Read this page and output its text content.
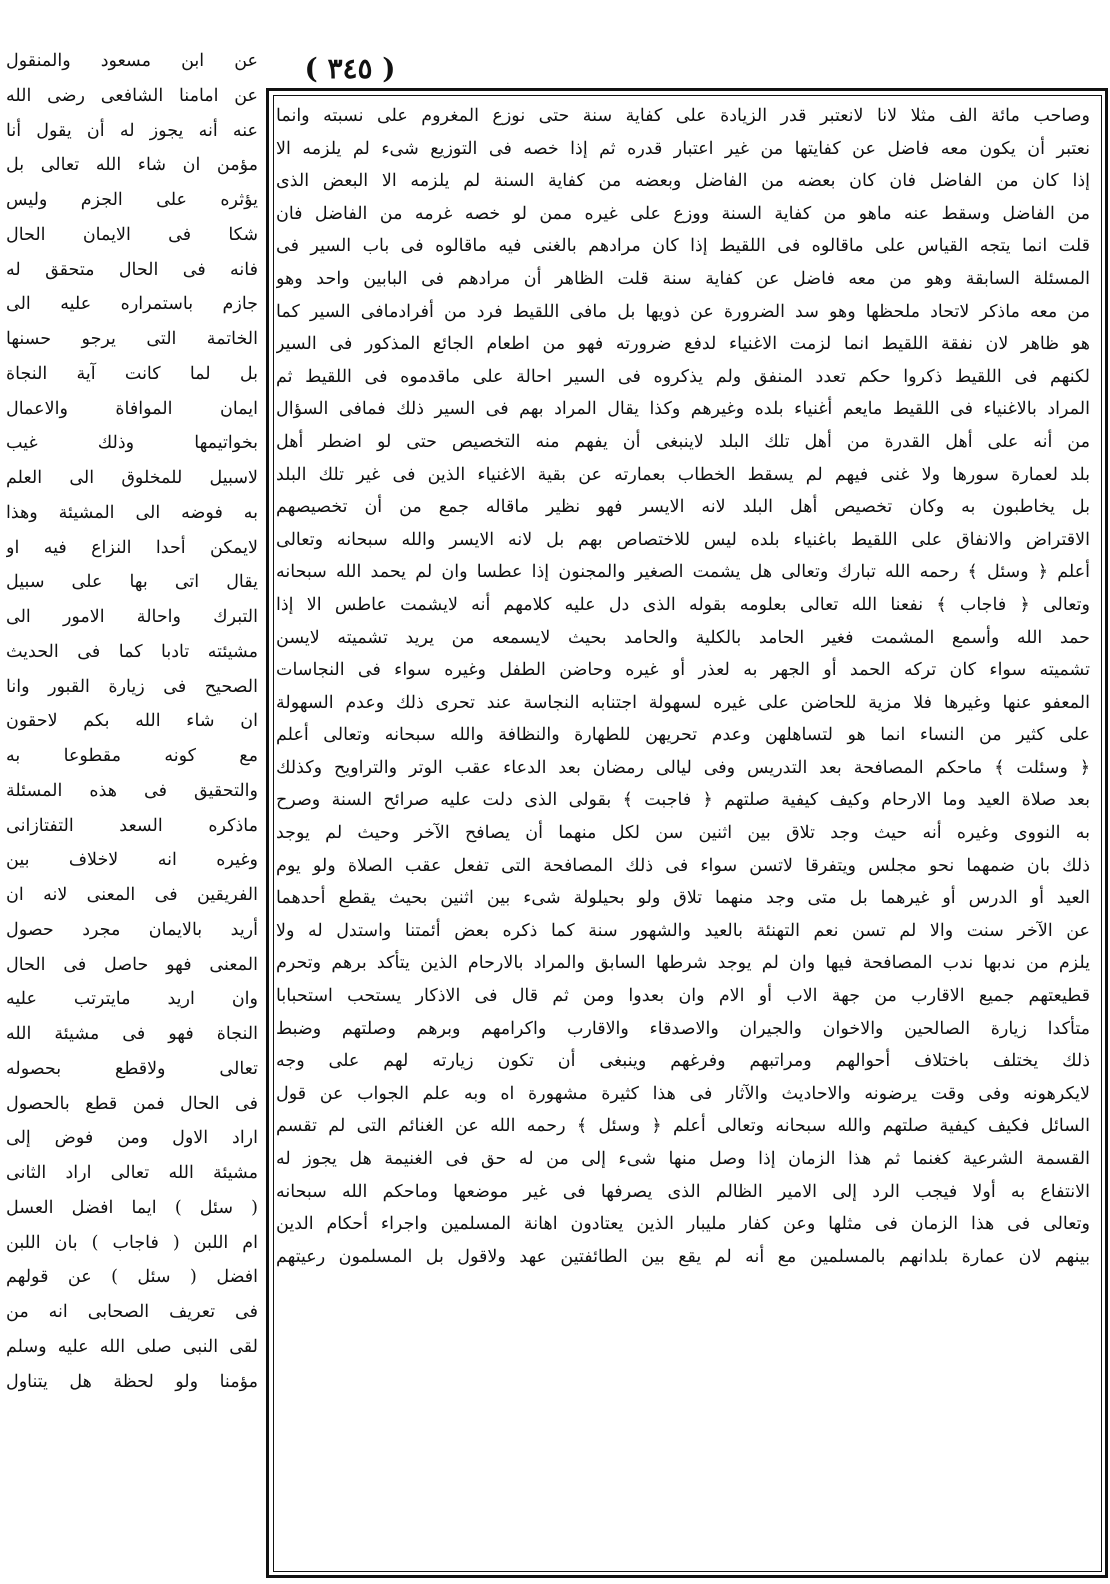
( ٣٤٥ )
وصاحب مائة الف مثلا لانا لانعتبر قدر الزيادة على كفاية سنة حتى نوزع المغروم على نسبته وانما
نعتبر أن يكون معه فاضل عن كفايتها من غير اعتبار قدره ثم إذا خصه فى التوزيع شىء لم يلزمه الا
إذا كان من الفاضل فان كان بعضه من الفاضل وبعضه من كفاية السنة لم يلزمه الا البعض الذى
من الفاضل وسقط عنه ماهو من كفاية السنة ووزع على غيره ممن لو خصه غرمه من الفاضل فان
قلت انما يتجه القياس على ماقالوه فى اللقيط إذا كان مرادهم بالغنى فيه ماقالوه فى باب السير فى
المسئلة السابقة وهو من معه فاضل عن كفاية سنة قلت الظاهر أن مرادهم فى البابين واحد وهو
من معه ماذكر لاتحاد ملحظها وهو سد الضرورة عن ذويها بل مافى اللقيط فرد من أفرادمافى السير كما
هو ظاهر لان نفقة اللقيط انما لزمت الاغنياء لدفع ضرورته فهو من اطعام الجائع المذكور فى السير
لكنهم فى اللقيط ذكروا حكم تعدد المنفق ولم يذكروه فى السير احالة على ماقدموه فى اللقيط ثم
المراد بالاغنياء فى اللقيط مايعم أغنياء بلده وغيرهم وكذا يقال المراد بهم فى السير ذلك فمافى السؤال
من أنه على أهل القدرة من أهل تلك البلد لاينبغى أن يفهم منه التخصيص حتى لو اضطر أهل
بلد لعمارة سورها ولا غنى فيهم لم يسقط الخطاب بعمارته عن بقية الاغنياء الذين فى غير تلك البلد
بل يخاطبون به وكان تخصيص أهل البلد لانه الايسر فهو نظير ماقاله جمع من أن تخصيصهم
الاقتراض والانفاق على اللقيط باغنياء بلده ليس للاختصاص بهم بل لانه الايسر والله سبحانه وتعالى
أعلم ﴿ وسئل ﴾ رحمه الله تبارك وتعالى هل يشمت الصغير والمجنون إذا عطسا وان لم يحمد الله سبحانه
وتعالى ﴿ فاجاب ﴾ نفعنا الله تعالى بعلومه بقوله الذى دل عليه كلامهم أنه لايشمت عاطس الا إذا
حمد الله وأسمع المشمت فغير الحامد بالكلية والحامد بحيث لايسمعه من يريد تشميته لايسن
تشميته سواء كان تركه الحمد أو الجهر به لعذر أو غيره وحاضن الطفل وغيره سواء فى النجاسات
المعفو عنها وغيرها فلا مزية للحاضن على غيره لسهولة اجتنابه النجاسة عند تحرى ذلك وعدم السهولة
على كثير من النساء انما هو لتساهلهن وعدم تحريهن للطهارة والنظافة والله سبحانه وتعالى أعلم
﴿ وسئلت ﴾ ماحكم المصافحة بعد التدريس وفى ليالى رمضان بعد الدعاء عقب الوتر والتراويح وكذلك
بعد صلاة العيد وما الارحام وكيف كيفية صلتهم ﴿ فاجبت ﴾ بقولى الذى دلت عليه صرائح السنة وصرح
به النووى وغيره أنه حيث وجد تلاق بين اثنين سن لكل منهما أن يصافح الآخر وحيث لم يوجد
ذلك بان ضمهما نحو مجلس ويتفرقا لاتسن سواء فى ذلك المصافحة التى تفعل عقب الصلاة ولو يوم
العيد أو الدرس أو غيرهما بل متى وجد منهما تلاق ولو بحيلولة شىء بين اثنين بحيث يقطع أحدهما
عن الآخر سنت والا لم تسن نعم التهنئة بالعيد والشهور سنة كما ذكره بعض أئمتنا واستدل له ولا
يلزم من ندبها ندب المصافحة فيها وان لم يوجد شرطها السابق والمراد بالارحام الذين يتأكد برهم وتحرم
قطيعتهم جميع الاقارب من جهة الاب أو الام وان بعدوا ومن ثم قال فى الاذكار يستحب استحبابا
متأكدا زيارة الصالحين والاخوان والجيران والاصدقاء والاقارب واكرامهم وبرهم وصلتهم وضبط
ذلك يختلف باختلاف أحوالهم ومراتبهم وفرغهم وينبغى أن تكون زيارته لهم على وجه
لايكرهونه وفى وقت يرضونه والاحاديث والآثار فى هذا كثيرة مشهورة اه وبه علم الجواب عن قول
السائل فكيف كيفية صلتهم والله سبحانه وتعالى أعلم ﴿ وسئل ﴾ رحمه الله عن الغنائم التى لم تقسم
القسمة الشرعية كغنما ثم هذا الزمان إذا وصل منها شىء إلى من له حق فى الغنيمة هل يجوز له
الانتفاع به أولا فيجب الرد إلى الامير الظالم الذى يصرفها فى غير موضعها وماحكم الله سبحانه
وتعالى فى هذا الزمان فى مثلها وعن كفار مليبار الذين يعتادون اهانة المسلمين واجراء أحكام الدين
بينهم لان عمارة بلدانهم بالمسلمين مع أنه لم يقع بين الطائفتين عهد ولاقول بل المسلمون رعيتهم
عن ابن مسعود والمنقول
عن امامنا الشافعى رضى الله
عنه أنه يجوز له أن يقول أنا
مؤمن ان شاء الله تعالى بل
يؤثره على الجزم وليس
شكا فى الايمان الحال
فانه فى الحال متحقق له
جازم باستمراره عليه الى
الخاتمة التى يرجو حسنها
بل لما كانت آية النجاة
ايمان الموافاة والاعمال
بخواتيمها وذلك غيب
لاسبيل للمخلوق الى العلم
به فوضه الى المشيئة وهذا
لايمكن أحدا النزاع فيه او
يقال اتى بها على سبيل
التبرك واحالة الامور الى
مشيئته تادبا كما فى الحديث
الصحيح فى زيارة القبور وانا
ان شاء الله بكم لاحقون
مع كونه مقطوعا به
والتحقيق فى هذه المسئلة
ماذكره السعد التفتازانى
وغيره انه لاخلاف بين
الفريقين فى المعنى لانه ان
أريد بالايمان مجرد حصول
المعنى فهو حاصل فى الحال
وان اريد مايترتب عليه
النجاة فهو فى مشيئة الله
تعالى ولاقطع بحصوله
فى الحال فمن قطع بالحصول
اراد الاول ومن فوض إلى
مشيئة الله تعالى اراد الثانى
( سئل ) ايما افضل العسل
ام اللبن ( فاجاب ) بان اللبن
افضل ( سئل ) عن قولهم
فى تعريف الصحابى انه من
لقى النبى صلى الله عليه وسلم
مؤمنا ولو لحظة هل يتناول
